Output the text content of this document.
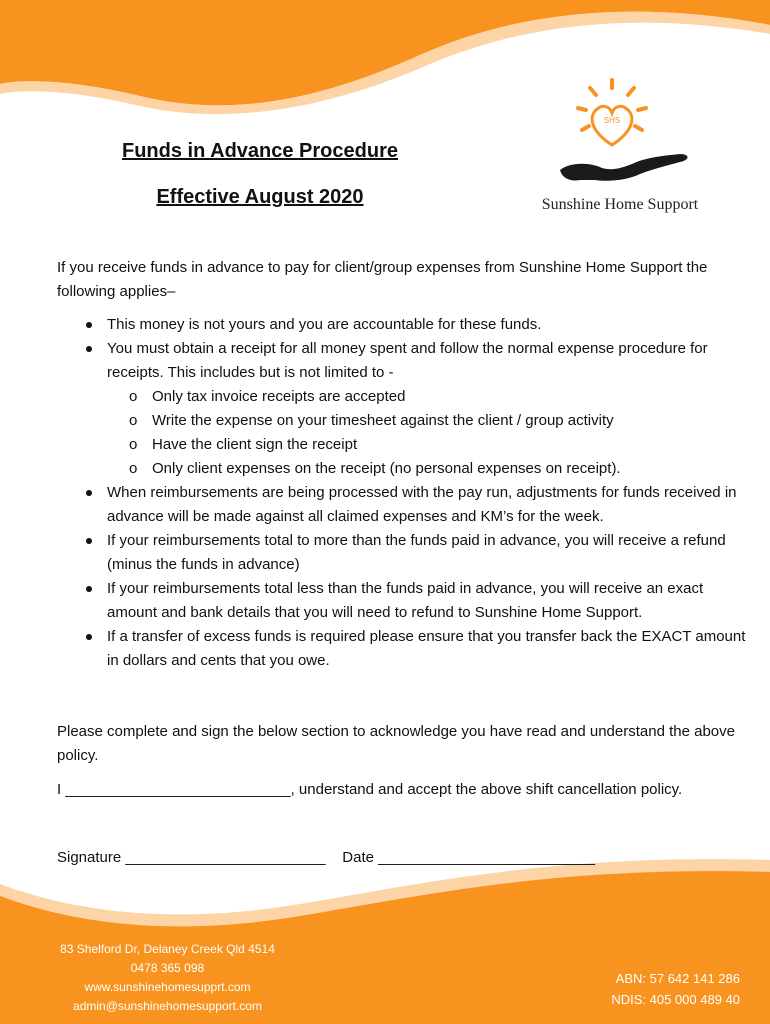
Funds in Advance Procedure
Effective August 2020
SHS
Sunshine Home Support
If you receive funds in advance to pay for client/group expenses from Sunshine Home Support the following applies–
This money is not yours and you are accountable for these funds.
You must obtain a receipt for all money spent and follow the normal expense procedure for receipts. This includes but is not limited to -
o Only tax invoice receipts are accepted
o Write the expense on your timesheet against the client / group activity
o Have the client sign the receipt
o Only client expenses on the receipt (no personal expenses on receipt).
When reimbursements are being processed with the pay run, adjustments for funds received in advance will be made against all claimed expenses and KM’s for the week.
If your reimbursements total to more than the funds paid in advance, you will receive a refund (minus the funds in advance)
If your reimbursements total less than the funds paid in advance, you will receive an exact amount and bank details that you will need to refund to Sunshine Home Support.
If a transfer of excess funds is required please ensure that you transfer back the EXACT amount in dollars and cents that you owe.
Please complete and sign the below section to acknowledge you have read and understand the above policy.
I ___________________________, understand and accept the above shift cancellation policy.
Signature ________________________    Date __________________________
83 Shelford Dr, Delaney Creek Qld 4514
0478 365 098
www.sunshinehomesupprt.com
admin@sunshinehomesupport.com
ABN: 57 642 141 286
NDIS: 405 000 489 40
